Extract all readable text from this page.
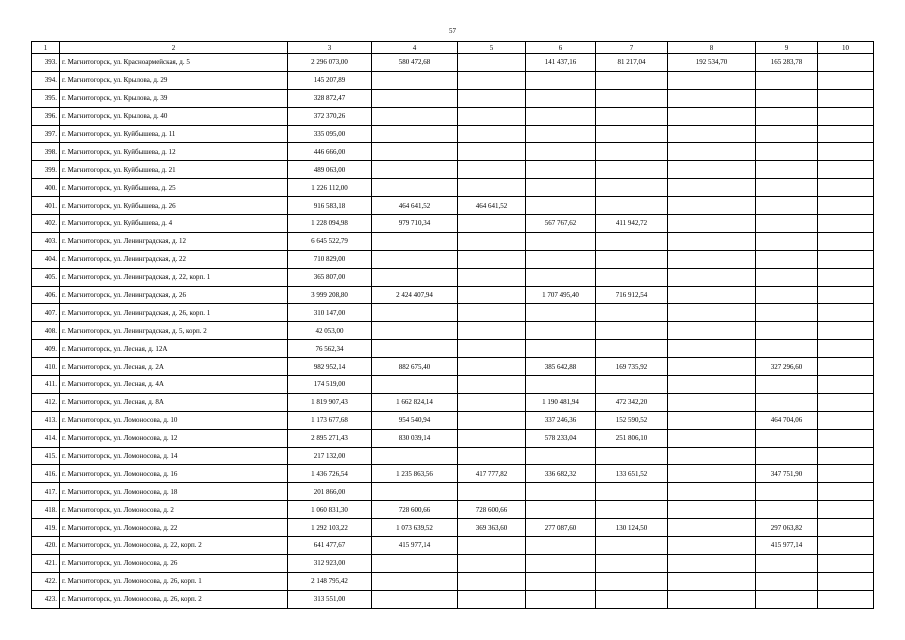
57
1	2	3	4	5	6	7	8	9	10
393.	г. Магнитогорск, ул. Красноармейская, д. 5	2 296 073,00	580 472,68		141 437,16	81 217,04	192 534,70	165 283,78	
394.	г. Магнитогорск, ул. Крылова, д. 29	145 207,89							
395.	г. Магнитогорск, ул. Крылова, д. 39	328 872,47							
396.	г. Магнитогорск, ул. Крылова, д. 40	372 370,26							
397.	г. Магнитогорск, ул. Куйбышева, д. 11	335 095,00							
398.	г. Магнитогорск, ул. Куйбышева, д. 12	446 666,00							
399.	г. Магнитогорск, ул. Куйбышева, д. 21	489 063,00							
400.	г. Магнитогорск, ул. Куйбышева, д. 25	1 226 112,00							
401.	г. Магнитогорск, ул. Куйбышева, д. 26	916 583,18	464 641,52	464 641,52					
402.	г. Магнитогорск, ул. Куйбышева, д. 4	1 228 094,98	979 710,34		567 767,62	411 942,72			
403.	г. Магнитогорск, ул. Ленинградская, д. 12	6 645 522,79							
404.	г. Магнитогорск, ул. Ленинградская, д. 22	710 829,00							
405.	г. Магнитогорск, ул. Ленинградская, д. 22, корп. 1	365 807,00							
406.	г. Магнитогорск, ул. Ленинградская, д. 26	3 999 208,80	2 424 407,94		1 707 495,40	716 912,54			
407.	г. Магнитогорск, ул. Ленинградская, д. 26, корп. 1	310 147,00							
408.	г. Магнитогорск, ул. Ленинградская, д. 5, корп. 2	42 053,00							
409.	г. Магнитогорск, ул. Лесная, д. 12А	76 562,34							
410.	г. Магнитогорск, ул. Лесная, д. 2А	982 952,14	882 675,40		385 642,88	169 735,92		327 296,60	
411.	г. Магнитогорск, ул. Лесная, д. 4А	174 519,00							
412.	г. Магнитогорск, ул. Лесная, д. 8А	1 819 907,43	1 662 824,14		1 190 481,94	472 342,20			
413.	г. Магнитогорск, ул. Ломоносова, д. 10	1 173 677,68	954 540,94		337 246,36	152 590,52		464 704,06	
414.	г. Магнитогорск, ул. Ломоносова, д. 12	2 895 271,43	830 039,14		578 233,04	251 806,10			
415.	г. Магнитогорск, ул. Ломоносова, д. 14	217 132,00							
416.	г. Магнитогорск, ул. Ломоносова, д. 16	1 436 726,54	1 235 863,56	417 777,82	336 682,32	133 651,52		347 751,90	
417.	г. Магнитогорск, ул. Ломоносова, д. 18	201 866,00							
418.	г. Магнитогорск, ул. Ломоносова, д. 2	1 060 831,30	728 600,66	728 600,66					
419.	г. Магнитогорск, ул. Ломоносова, д. 22	1 292 103,22	1 073 639,52	369 363,60	277 087,60	130 124,50		297 063,82	
420.	г. Магнитогорск, ул. Ломоносова, д. 22, корп. 2	641 477,67	415 977,14					415 977,14	
421.	г. Магнитогорск, ул. Ломоносова, д. 26	312 923,00							
422.	г. Магнитогорск, ул. Ломоносова, д. 26, корп. 1	2 148 795,42							
423.	г. Магнитогорск, ул. Ломоносова, д. 26, корп. 2	313 551,00							
